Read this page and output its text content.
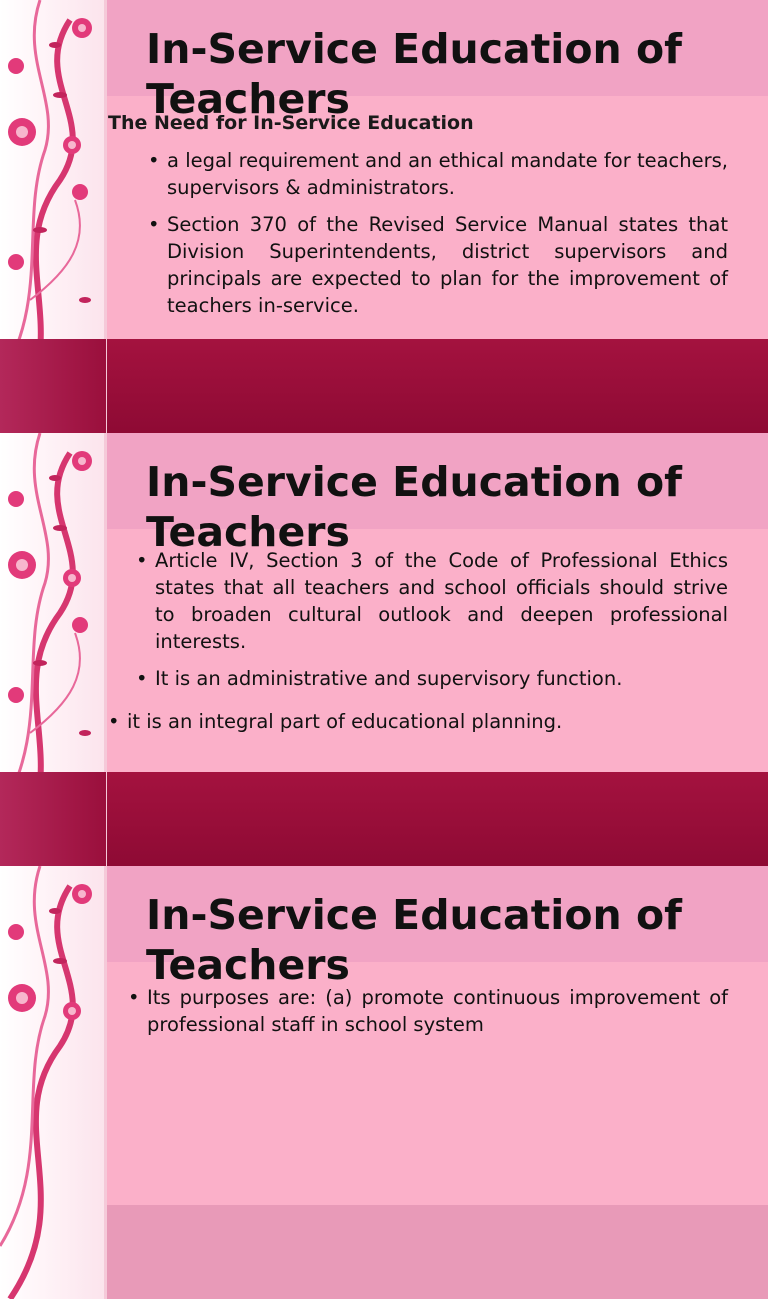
In-Service Education of Teachers

The Need for In-Service Education

• a legal requirement and an ethical mandate for teachers, supervisors & administrators.
• Section 370 of the Revised Service Manual states that Division Superintendents, district supervisors and principals are expected to plan for the improvement of teachers in-service.
In-Service Education of Teachers
• Article IV, Section 3 of the Code of Professional Ethics states that all teachers and school officials should strive to broaden cultural outlook and deepen professional interests.
• It is an administrative and supervisory function.
• it is an integral part of educational planning.
In-Service Education of Teachers
• Its purposes are: (a) promote continuous improvement of professional staff in school system
